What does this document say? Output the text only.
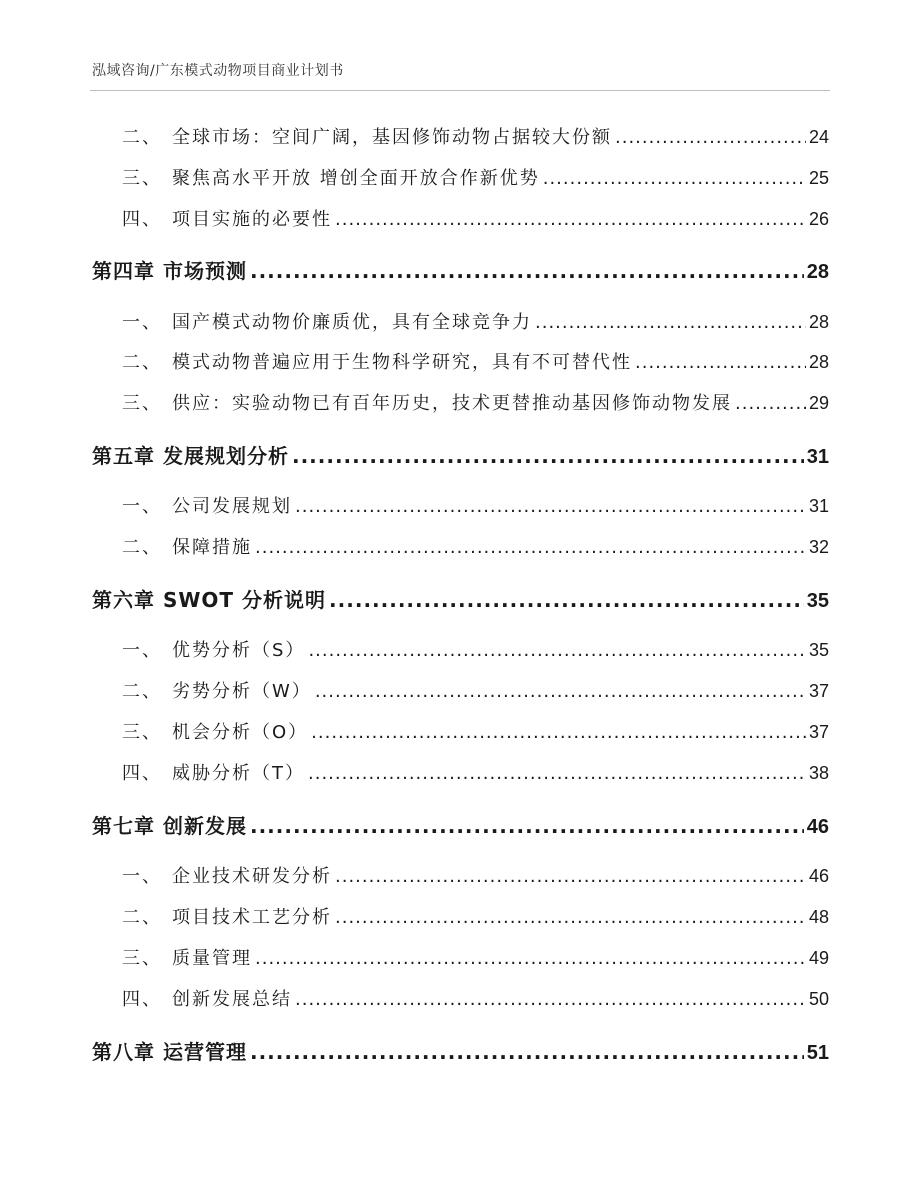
泓域咨询/广东模式动物项目商业计划书
二、 全球市场：空间广阔，基因修饰动物占据较大份额 .....	24
三、 聚焦高水平开放 增创全面开放合作新优势 .....	25
四、 项目实施的必要性 .....	26
第四章 市场预测 .....	28
一、 国产模式动物价廉质优，具有全球竞争力 .....	28
二、 模式动物普遍应用于生物科学研究，具有不可替代性 .....	28
三、 供应：实验动物已有百年历史，技术更替推动基因修饰动物发展 .....	29
第五章 发展规划分析 .....	31
一、 公司发展规划 .....	31
二、 保障措施 .....	32
第六章 SWOT 分析说明 .....	35
一、 优势分析（S） .....	35
二、 劣势分析（W） .....	37
三、 机会分析（O） .....	37
四、 威胁分析（T） .....	38
第七章 创新发展 .....	46
一、 企业技术研发分析 .....	46
二、 项目技术工艺分析 .....	48
三、 质量管理 .....	49
四、 创新发展总结 .....	50
第八章 运营管理 .....	51
